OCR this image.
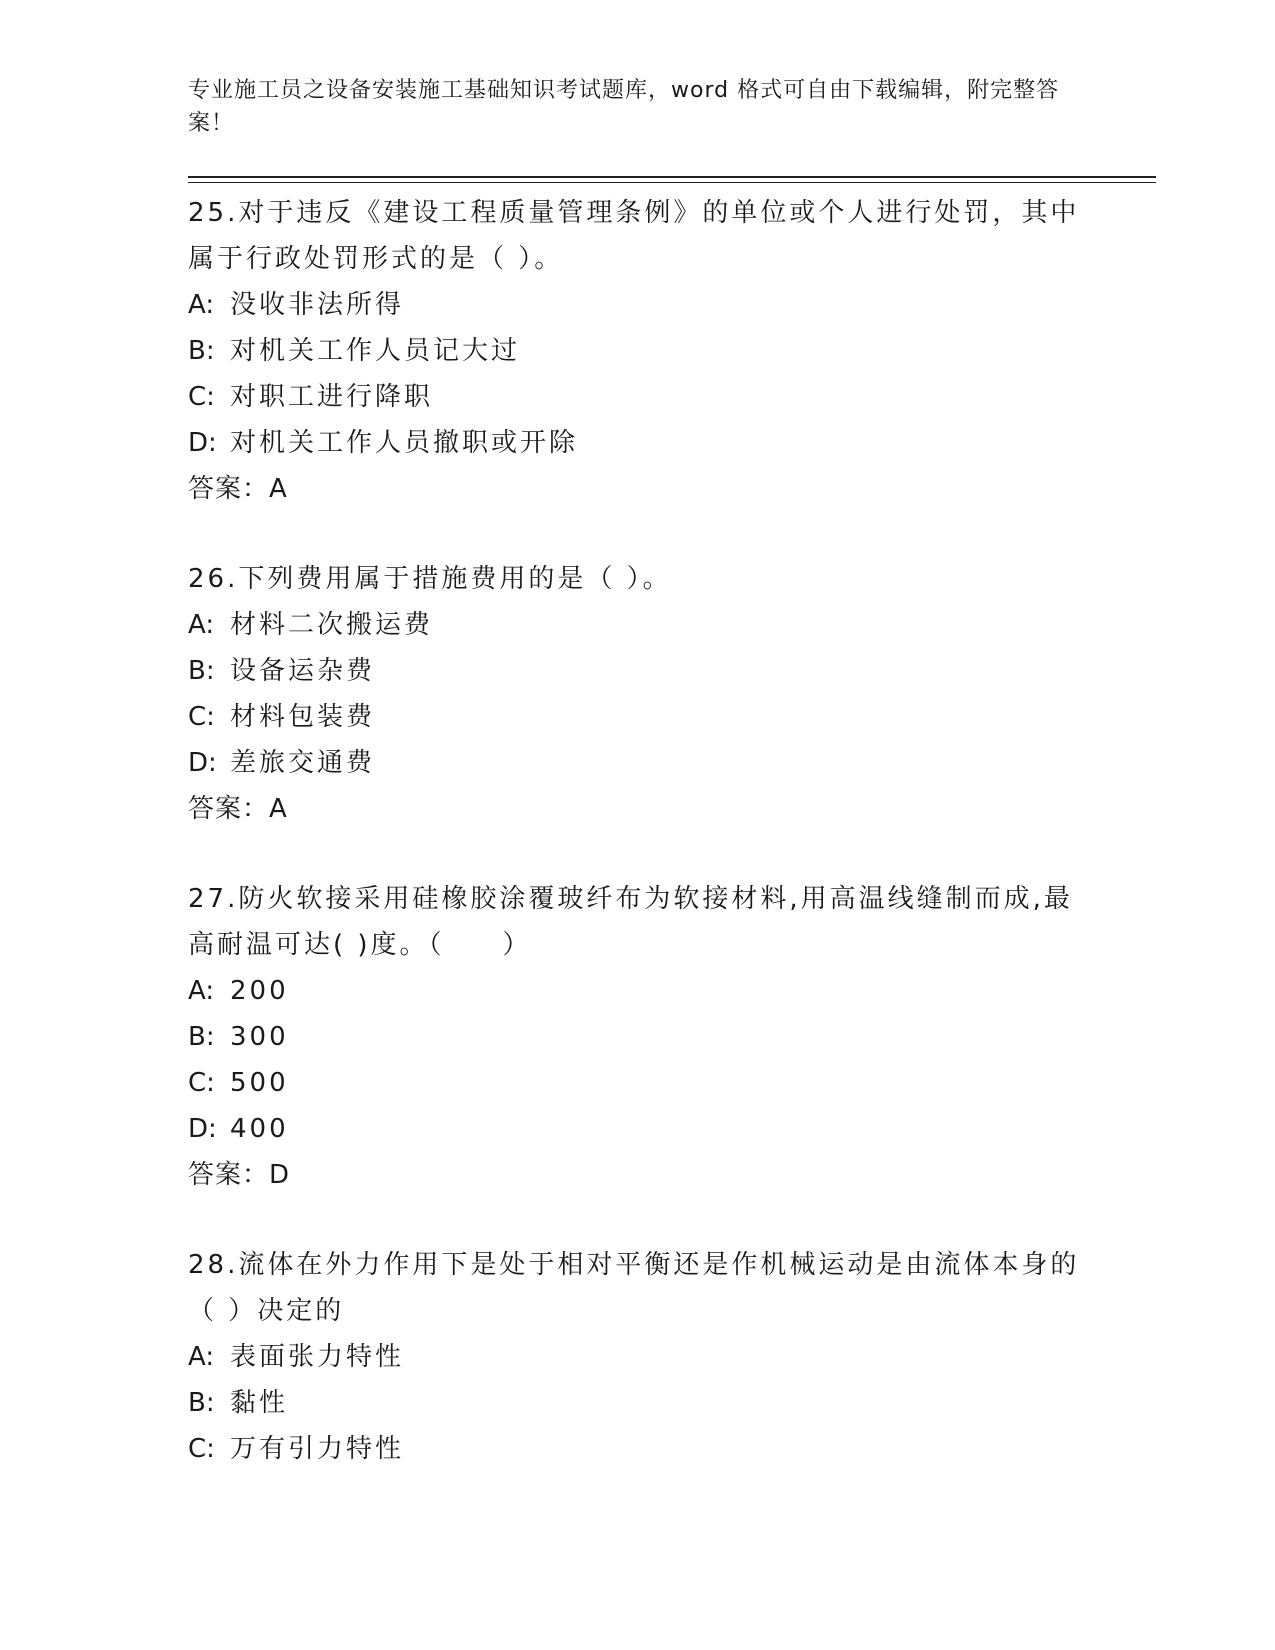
专业施工员之设备安装施工基础知识考试题库，word 格式可自由下载编辑，附完整答案！

25.对于违反《建设工程质量管理条例》的单位或个人进行处罚，其中属于行政处罚形式的是（ ）。

A: 没收非法所得

B: 对机关工作人员记大过

C: 对职工进行降职

D: 对机关工作人员撤职或开除

答案：A

26.下列费用属于措施费用的是（ ）。

A: 材料二次搬运费

B: 设备运杂费

C: 材料包装费

D: 差旅交通费

答案：A

27.防火软接采用硅橡胶涂覆玻纤布为软接材料,用高温线缝制而成,最高耐温可达( )度。（　　）

A: 200

B: 300

C: 500

D: 400

答案：D

28.流体在外力作用下是处于相对平衡还是作机械运动是由流体本身的（ ）决定的

A: 表面张力特性

B: 黏性

C: 万有引力特性
